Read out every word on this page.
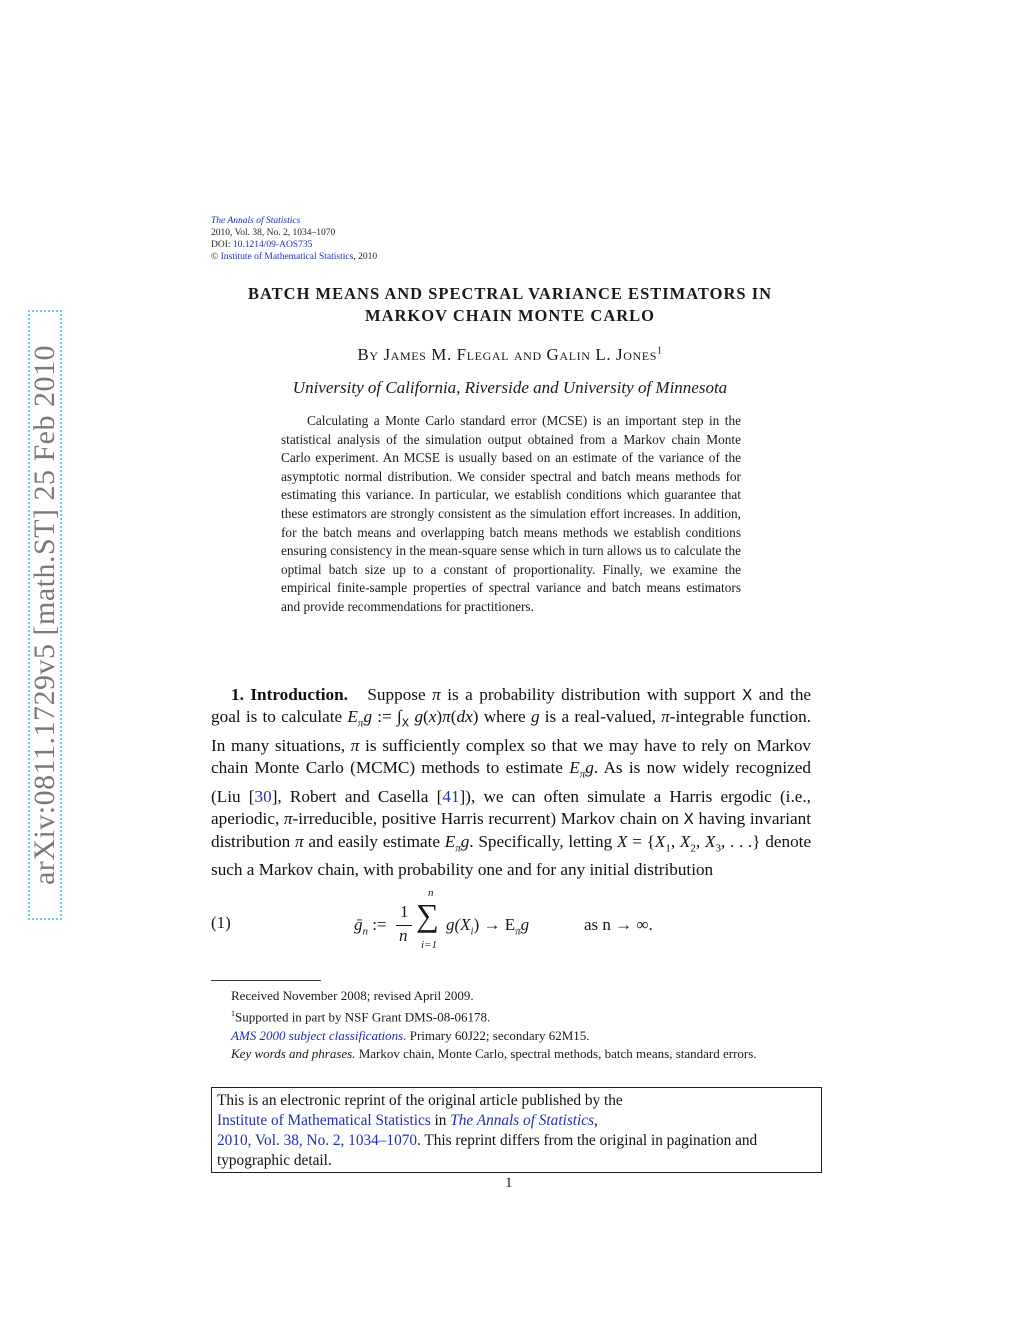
arXiv:0811.1729v5 [math.ST] 25 Feb 2010
The Annals of Statistics
2010, Vol. 38, No. 2, 1034–1070
DOI: 10.1214/09-AOS735
© Institute of Mathematical Statistics, 2010
BATCH MEANS AND SPECTRAL VARIANCE ESTIMATORS IN
MARKOV CHAIN MONTE CARLO
By James M. Flegal and Galin L. Jones$^1$
University of California, Riverside and University of Minnesota
Calculating a Monte Carlo standard error (MCSE) is an important step in the statistical analysis of the simulation output obtained from a Markov chain Monte Carlo experiment. An MCSE is usually based on an estimate of the variance of the asymptotic normal distribution. We consider spectral and batch means methods for estimating this variance. In particular, we establish conditions which guarantee that these estimators are strongly consistent as the simulation effort increases. In addition, for the batch means and overlapping batch means methods we establish conditions ensuring consistency in the mean-square sense which in turn allows us to calculate the optimal batch size up to a constant of proportionality. Finally, we examine the empirical finite-sample properties of spectral variance and batch means estimators and provide recommendations for practitioners.
1. Introduction. Suppose π is a probability distribution with support X and the goal is to calculate $E_\pi g$ := $\int_X$ g(x)π(dx) where g is a real-valued, π-integrable function. In many situations, π is sufficiently complex so that we may have to rely on Markov chain Monte Carlo (MCMC) methods to estimate $E_\pi g$. As is now widely recognized (Liu [30], Robert and Casella [41]), we can often simulate a Harris ergodic (i.e., aperiodic, π-irreducible, positive Harris recurrent) Markov chain on X having invariant distribution π and easily estimate $E_\pi g$. Specifically, letting $X = \{X_1$, $X_2$, $X_3$, . . .} denote such a Markov chain, with probability one and for any initial distribution
(1)	ḡ$_n$ :=
1
n
n
∑
i=1
$g(X_i) \to E_\pi g$	as n → ∞.
Received November 2008; revised April 2009.
$^1$Supported in part by NSF Grant DMS-08-06178.
AMS 2000 subject classifications. Primary 60J22; secondary 62M15.
Key words and phrases. Markov chain, Monte Carlo, spectral methods, batch means, standard errors.
This is an electronic reprint of the original article published by the
Institute of Mathematical Statistics in The Annals of Statistics,
2010, Vol. 38, No. 2, 1034–1070. This reprint differs from the original in pagination and typographic detail.
1
